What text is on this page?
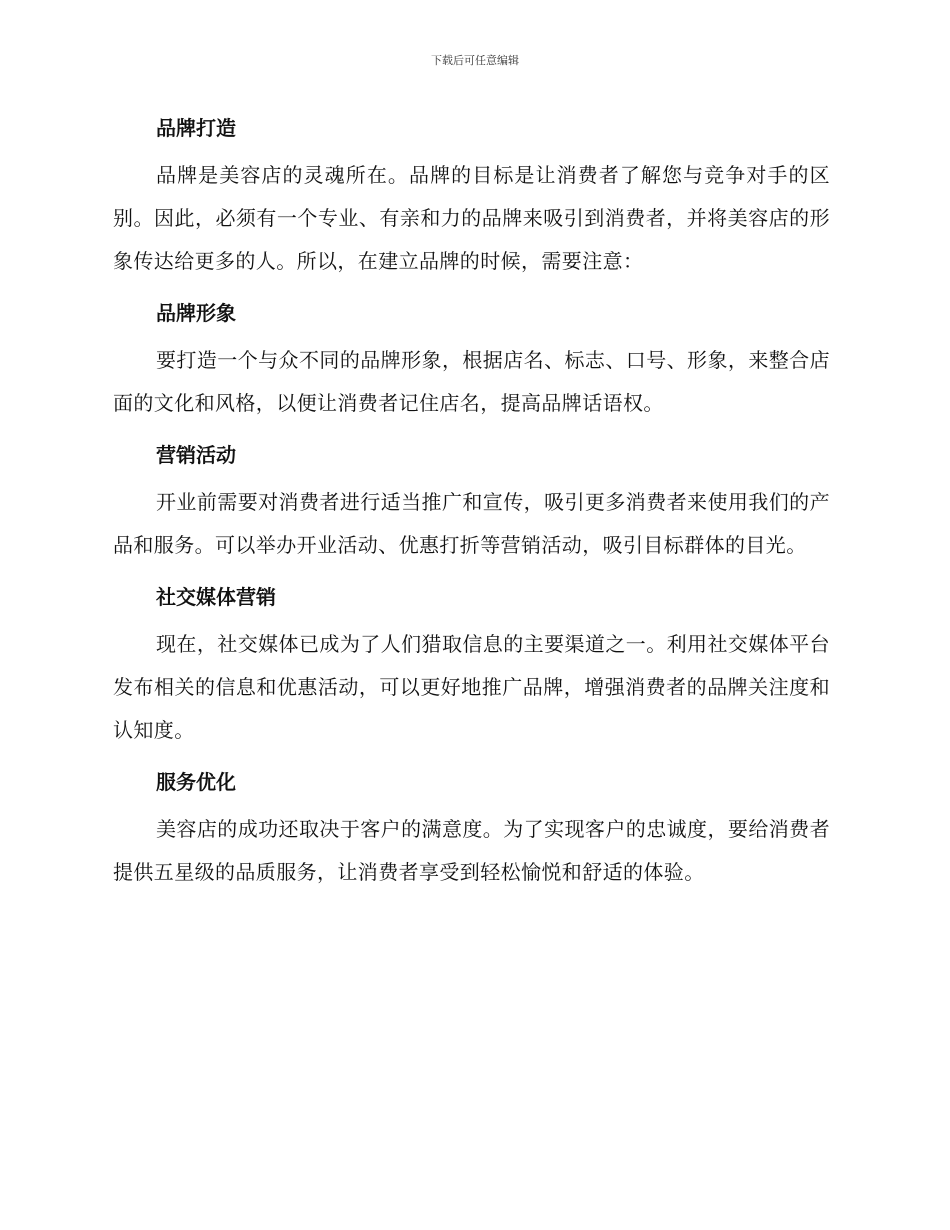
下载后可任意编辑
品牌打造

品牌是美容店的灵魂所在。品牌的目标是让消费者了解您与竞争对手的区别。因此，必须有一个专业、有亲和力的品牌来吸引到消费者，并将美容店的形象传达给更多的人。所以，在建立品牌的时候，需要注意：

品牌形象

要打造一个与众不同的品牌形象，根据店名、标志、口号、形象，来整合店面的文化和风格，以便让消费者记住店名，提高品牌话语权。

营销活动

开业前需要对消费者进行适当推广和宣传，吸引更多消费者来使用我们的产品和服务。可以举办开业活动、优惠打折等营销活动，吸引目标群体的目光。

社交媒体营销

现在，社交媒体已成为了人们猎取信息的主要渠道之一。利用社交媒体平台发布相关的信息和优惠活动，可以更好地推广品牌，增强消费者的品牌关注度和认知度。

服务优化

美容店的成功还取决于客户的满意度。为了实现客户的忠诚度，要给消费者提供五星级的品质服务，让消费者享受到轻松愉悦和舒适的体验。
